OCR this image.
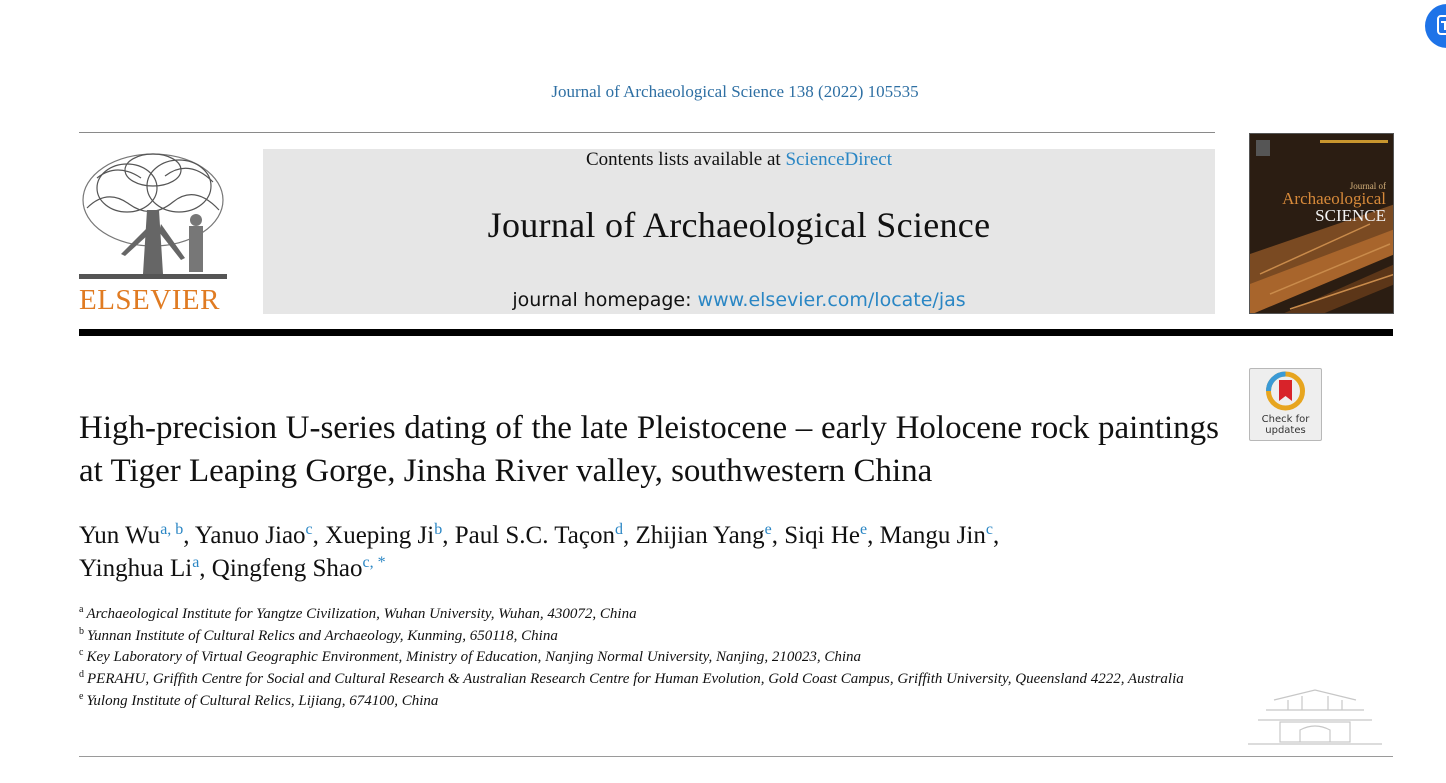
Journal of Archaeological Science 138 (2022) 105535
ELSEVIER
Contents lists available at ScienceDirect
Journal of Archaeological Science
journal homepage: www.elsevier.com/locate/jas
Journal of
Archaeological
SCIENCE
Check for
updates
High-precision U-series dating of the late Pleistocene – early Holocene rock paintings at Tiger Leaping Gorge, Jinsha River valley, southwestern China
Yun Wu$^{a, b}$, Yanuo Jiao$^c$, Xueping Ji$^b$, Paul S.C. Taçon$^d$, Zhijian Yang$^e$, Siqi He$^e$, Mangu Jin$^c$,
Yinghua Li$^a$, Qingfeng Shao$^{c, *}$
$^a$ Archaeological Institute for Yangtze Civilization, Wuhan University, Wuhan, 430072, China
$^b$ Yunnan Institute of Cultural Relics and Archaeology, Kunming, 650118, China
$^c$ Key Laboratory of Virtual Geographic Environment, Ministry of Education, Nanjing Normal University, Nanjing, 210023, China
$^d$ PERAHU, Griffith Centre for Social and Cultural Research & Australian Research Centre for Human Evolution, Gold Coast Campus, Griffith University, Queensland 4222, Australia
$^e$ Yulong Institute of Cultural Relics, Lijiang, 674100, China
